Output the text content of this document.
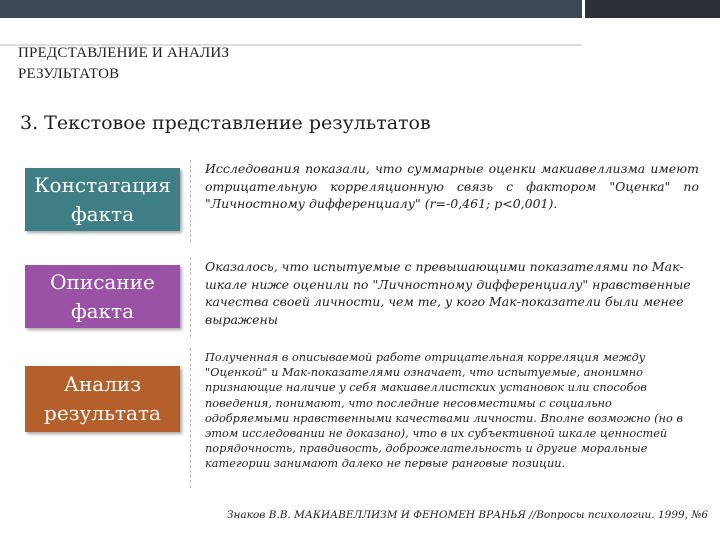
ПРЕДСТАВЛЕНИЕ И АНАЛИЗ
РЕЗУЛЬТАТОВ
3. Текстовое представление результатов
Констатация
факта
Исследования показали, что суммарные оценки макиавеллизма имеют отрицательную корреляционную связь с фактором "Оценка" по "Личностному дифференциалу" (r=-0,461; p<0,001).
Описание
факта
Оказалось, что испытуемые с превышающими показателями по Мак-шкале ниже оценили по "Личностному дифференциалу" нравственные качества своей личности, чем те, у кого Мак-показатели были менее выражены
Анализ
результата
Полученная в описываемой работе отрицательная корреляция между "Оценкой" и Мак-показателями означает, что испытуемые, анонимно признающие наличие у себя макиавеллистских установок или способов поведения, понимают, что последние несовместимы с социально одобряемыми нравственными качествами личности. Вполне возможно (но в этом исследовании не доказано), что в их субъективной шкале ценностей порядочность, правдивость, доброжелательность и другие моральные категории занимают далеко не первые ранговые позиции.
Знаков В.В. МАКИАВЕЛЛИЗМ И ФЕНОМЕН ВРАНЬЯ //Вопросы психологии. 1999, №6
